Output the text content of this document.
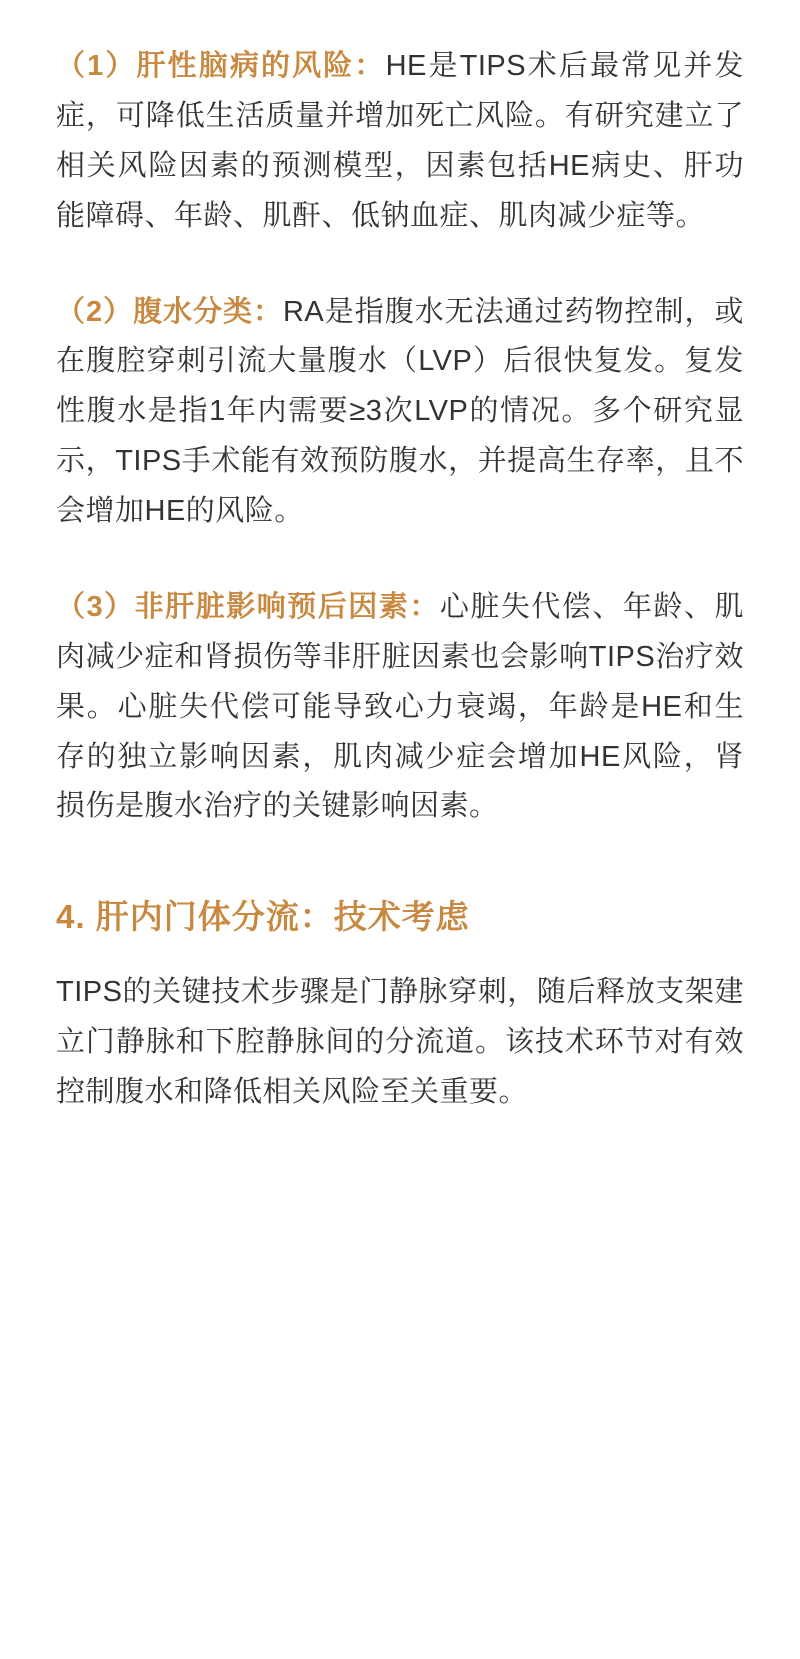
（1）肝性脑病的风险：HE是TIPS术后最常见并发症，可降低生活质量并增加死亡风险。有研究建立了相关风险因素的预测模型，因素包括HE病史、肝功能障碍、年龄、肌酐、低钠血症、肌肉减少症等。

（2）腹水分类：RA是指腹水无法通过药物控制，或在腹腔穿刺引流大量腹水（LVP）后很快复发。复发性腹水是指1年内需要≥3次LVP的情况。多个研究显示，TIPS手术能有效预防腹水，并提高生存率，且不会增加HE的风险。

（3）非肝脏影响预后因素：心脏失代偿、年龄、肌肉减少症和肾损伤等非肝脏因素也会影响TIPS治疗效果。心脏失代偿可能导致心力衰竭，年龄是HE和生存的独立影响因素，肌肉减少症会增加HE风险，肾损伤是腹水治疗的关键影响因素。

4. 肝内门体分流：技术考虑

TIPS的关键技术步骤是门静脉穿刺，随后释放支架建立门静脉和下腔静脉间的分流道。该技术环节对有效控制腹水和降低相关风险至关重要。
